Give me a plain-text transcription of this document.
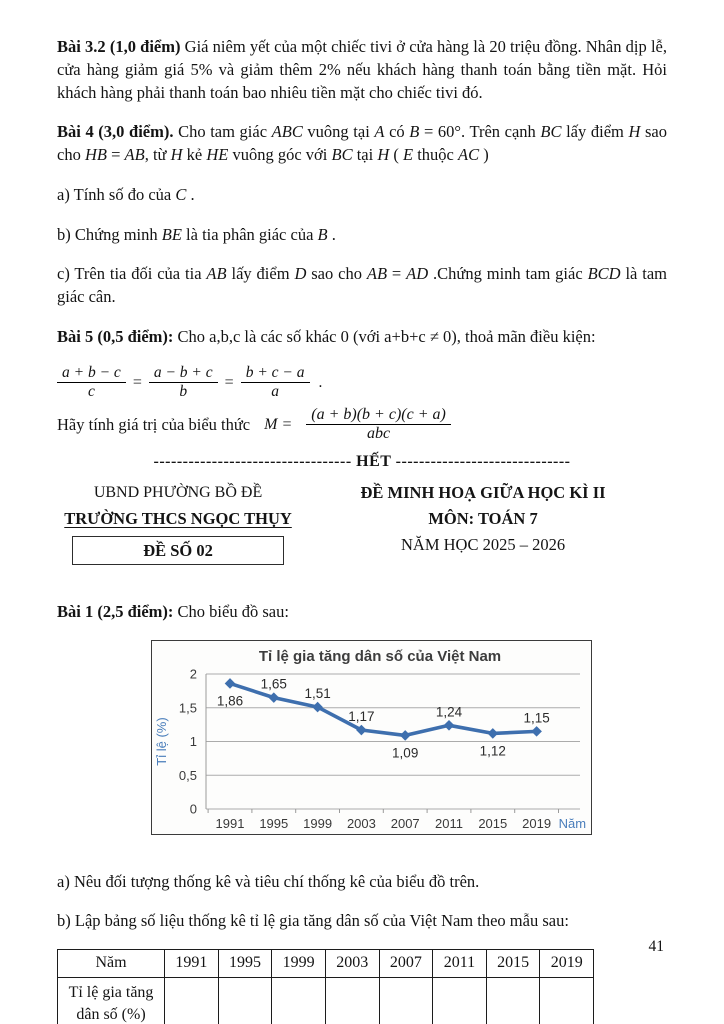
Bài 3.2 (1,0 điểm) Giá niêm yết của một chiếc tivi ở cửa hàng là 20 triệu đồng. Nhân dịp lễ, cửa hàng giảm giá 5% và giảm thêm 2% nếu khách hàng thanh toán bằng tiền mặt. Hỏi khách hàng phải thanh toán bao nhiêu tiền mặt cho chiếc tivi đó.

Bài 4 (3,0 điểm). Cho tam giác ABC vuông tại A có B = 60°. Trên cạnh BC lấy điểm H sao cho HB = AB, từ H kẻ HE vuông góc với BC tại H ( E thuộc AC )

a) Tính số đo của C .

b) Chứng minh BE là tia phân giác của B .

c) Trên tia đối của tia AB lấy điểm D sao cho AB = AD .Chứng minh tam giác BCD là tam giác cân.

Bài 5 (0,5 điểm): Cho a,b,c là các số khác 0 (với a+b+c ≠ 0), thoả mãn điều kiện:

$\frac{a + b - c}{c} = \frac{a - b + c}{b} = \frac{b + c - a}{a}$ .
Hãy tính giá trị của biểu thức $M = \frac{(a + b)(b + c)(c + a)}{\text{abc}}$
---------------------------------- HẾT ------------------------------
UBND PHƯỜNG BỒ ĐỀ
TRƯỜNG THCS NGỌC THỤY
ĐỀ SỐ 02
ĐỀ MINH HOẠ GIỮA HỌC KÌ II
MÔN: TOÁN 7
NĂM HỌC 2025 – 2026

Bài 1 (2,5 điểm): Cho biểu đồ sau:

Tỉ lệ gia tăng dân số của Việt Nam
0
0,5
1
1,5
2
1,86
1991
1,65
1995
1,51
1999
1,17
2003
1,09
2007
1,24
2011
1,12
2015
1,15
2019 Năm
Tỉ lệ (%)

a) Nêu đối tượng thống kê và tiêu chí thống kê của biểu đồ trên.

b) Lập bảng số liệu thống kê tỉ lệ gia tăng dân số của Việt Nam theo mẫu sau:

Năm	1991	1995	1999	2003	2007	2011	2015	2019
Tỉ lệ gia tăng dân số (%)								
41
